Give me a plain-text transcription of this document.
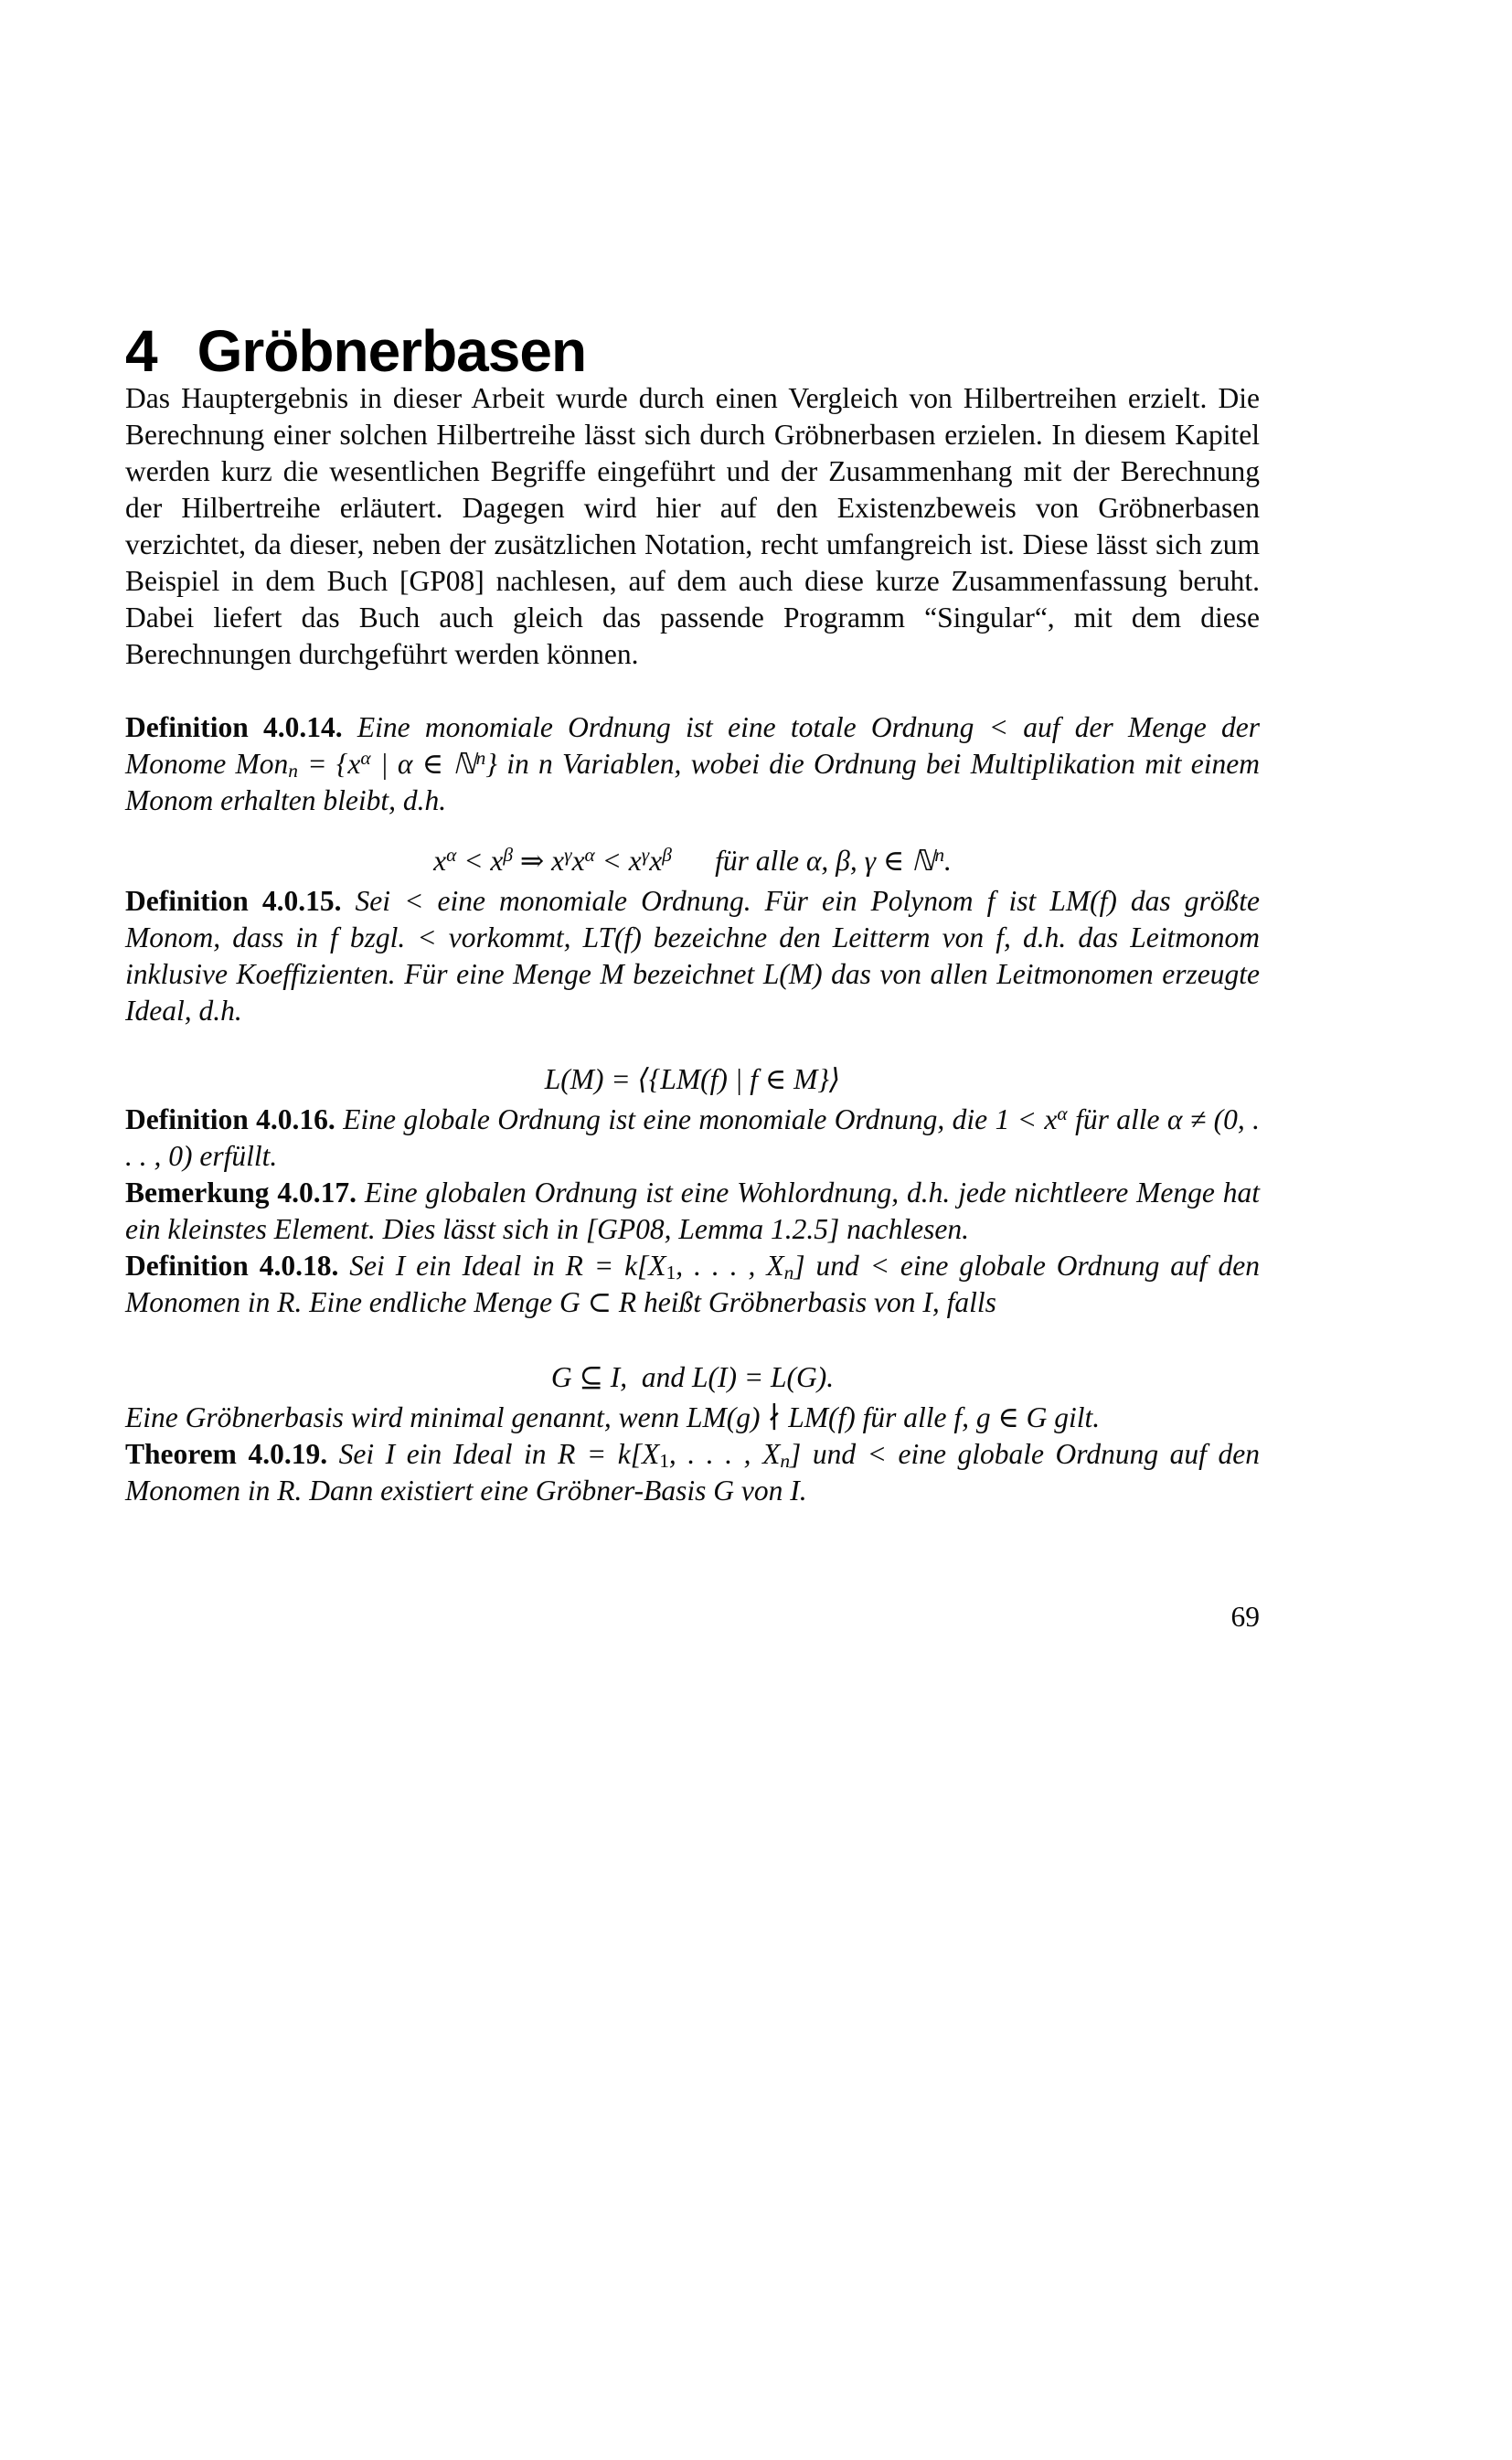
4 Gröbnerbasen

Das Hauptergebnis in dieser Arbeit wurde durch einen Vergleich von Hilbertreihen erzielt. Die Berechnung einer solchen Hilbertreihe lässt sich durch Gröbnerbasen erzielen. In diesem Kapitel werden kurz die wesentlichen Begriffe eingeführt und der Zusammenhang mit der Berechnung der Hilbertreihe erläutert. Dagegen wird hier auf den Existenzbeweis von Gröbnerbasen verzichtet, da dieser, neben der zusätzlichen Notation, recht umfangreich ist. Diese lässt sich zum Beispiel in dem Buch [GP08] nachlesen, auf dem auch diese kurze Zusammenfassung beruht. Dabei liefert das Buch auch gleich das passende Programm “Singular“, mit dem diese Berechnungen durchgeführt werden können.

Definition 4.0.14. Eine monomiale Ordnung ist eine totale Ordnung < auf der Menge der Monome Monn = {$x^\alpha$ | α ∈ ℕ$^n$} in n Variablen, wobei die Ordnung bei Multiplikation mit einem Monom erhalten bleibt, d.h.

$x^\alpha < x^\beta$ ⇒ $x^\gamma x^\alpha < x^\gamma x^\beta$  für alle α, β, γ ∈ ℕ$^n$.

Definition 4.0.15. Sei < eine monomiale Ordnung. Für ein Polynom f ist LM(f) das größte Monom, dass in f bzgl. < vorkommt, LT(f) bezeichne den Leitterm von f, d.h. das Leitmonom inklusive Koeffizienten. Für eine Menge M bezeichnet L(M) das von allen Leitmonomen erzeugte Ideal, d.h.

L(M) = ⟨{LM(f) | f ∈ M}⟩

Definition 4.0.16. Eine globale Ordnung ist eine monomiale Ordnung, die $1 < x^\alpha$ für alle α ≠ (0, . . . , 0) erfüllt.

Bemerkung 4.0.17. Eine globalen Ordnung ist eine Wohlordnung, d.h. jede nichtleere Menge hat ein kleinstes Element. Dies lässt sich in [GP08, Lemma 1.2.5] nachlesen.

Definition 4.0.18. Sei I ein Ideal in R = k[X1, . . . , Xn] und < eine globale Ordnung auf den Monomen in R. Eine endliche Menge G ⊂ R heißt Gröbnerbasis von I, falls

G ⊆ I, and L(I) = L(G).

Eine Gröbnerbasis wird minimal genannt, wenn LM(g) ∤ LM(f) für alle f, g ∈ G gilt.

Theorem 4.0.19. Sei I ein Ideal in R = k[X1, . . . , Xn] und < eine globale Ordnung auf den Monomen in R. Dann existiert eine Gröbner-Basis G von I.

69
